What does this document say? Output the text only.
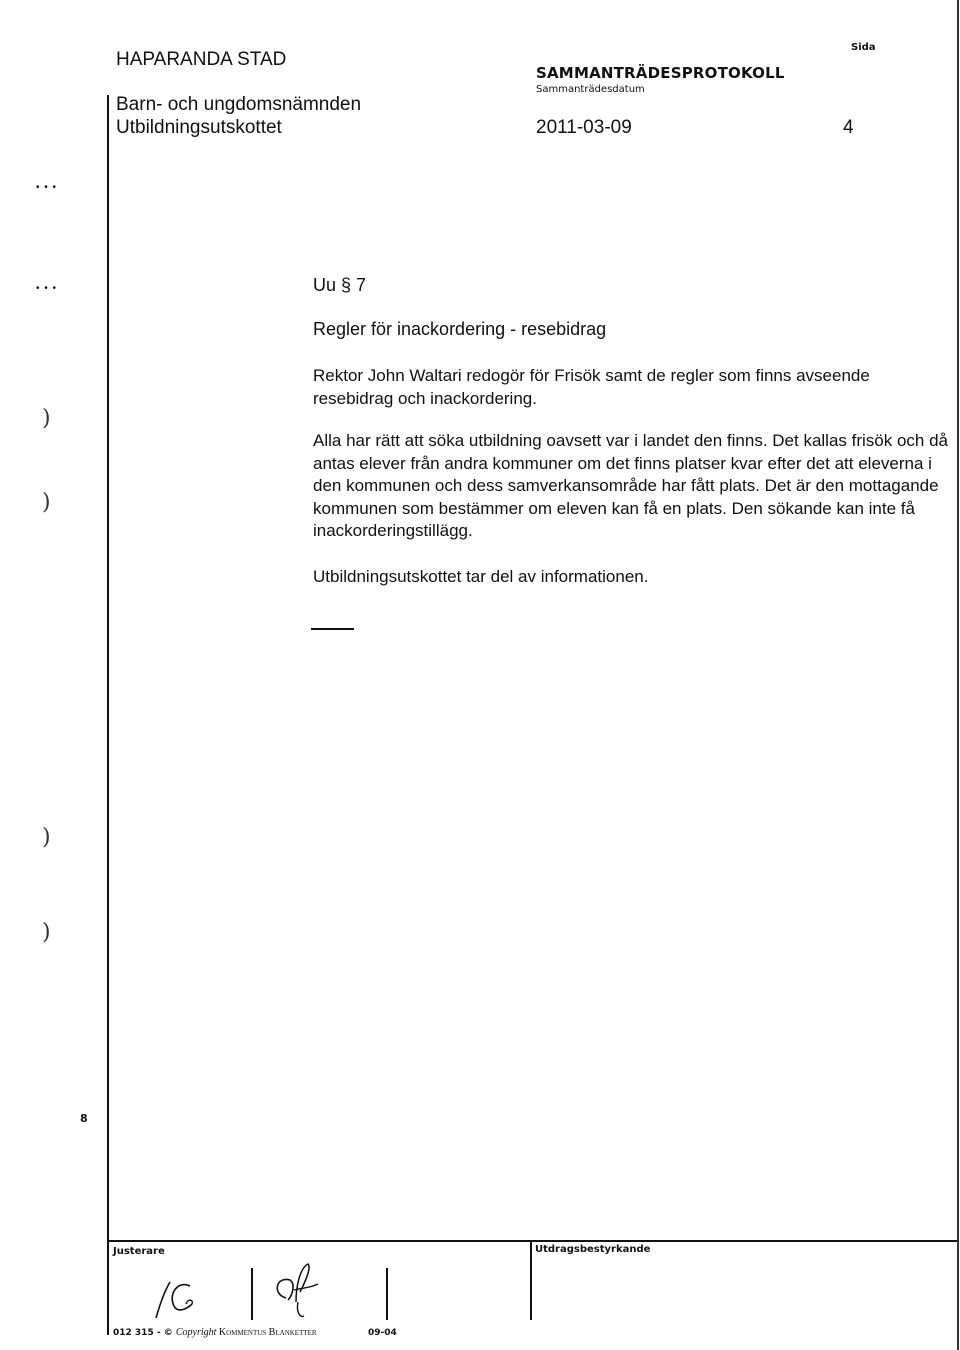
HAPARANDA STAD
Barn- och ungdomsnämnden
Utbildningsutskottet
SAMMANTRÄDESPROTOKOLL
Sammanträdesdatum
2011-03-09
Sida
4
• • •
• • •	Uu § 7
Regler för inackordering - resebidrag
Rektor John Waltari redogör för Frisök samt de regler som finns avseende resebidrag och inackordering.
Alla har rätt att söka utbildning oavsett var i landet den finns. Det kallas frisök och då antas elever från andra kommuner om det finns platser kvar efter det att eleverna i den kommunen och dess samverkansområde har fått plats. Det är den mottagande kommunen som bestämmer om eleven kan få en plats. Den sökande kan inte få inackorderingstillägg.
Utbildningsutskottet tar del av informationen.
)
)
)
)
8
Justerare	Utdragsbestyrkande
012 315 - © Copyright Kommentus Blanketter	09-04
